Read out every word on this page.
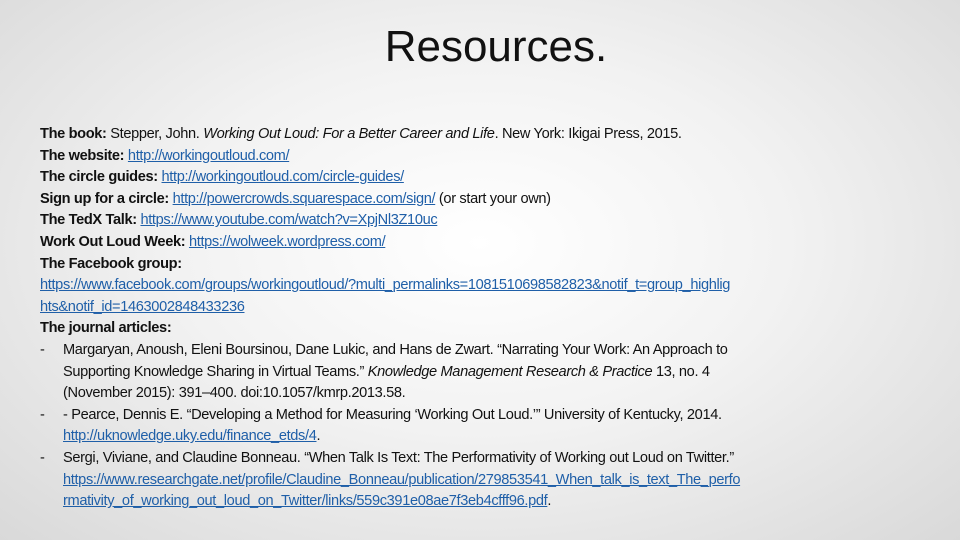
Resources.
The book: Stepper, John. Working Out Loud: For a Better Career and Life. New York: Ikigai Press, 2015.
The website: http://workingoutloud.com/
The circle guides: http://workingoutloud.com/circle-guides/
Sign up for a circle: http://powercrowds.squarespace.com/sign/ (or start your own)
The TedX Talk: https://www.youtube.com/watch?v=XpjNl3Z10uc
Work Out Loud Week: https://wolweek.wordpress.com/
The Facebook group:
https://www.facebook.com/groups/workingoutloud/?multi_permalinks=1081510698582823&notif_t=group_highlig
hts&notif_id=1463002848433236
The journal articles:
- Margaryan, Anoush, Eleni Boursinou, Dane Lukic, and Hans de Zwart. “Narrating Your Work: An Approach to
Supporting Knowledge Sharing in Virtual Teams.” Knowledge Management Research & Practice 13, no. 4
(November 2015): 391–400. doi:10.1057/kmrp.2013.58.
- - Pearce, Dennis E. “Developing a Method for Measuring ‘Working Out Loud.’” University of Kentucky, 2014.
http://uknowledge.uky.edu/finance_etds/4.
- Sergi, Viviane, and Claudine Bonneau. “When Talk Is Text: The Performativity of Working out Loud on Twitter.”
https://www.researchgate.net/profile/Claudine_Bonneau/publication/279853541_When_talk_is_text_The_perfo
rmativity_of_working_out_loud_on_Twitter/links/559c391e08ae7f3eb4cfff96.pdf.
